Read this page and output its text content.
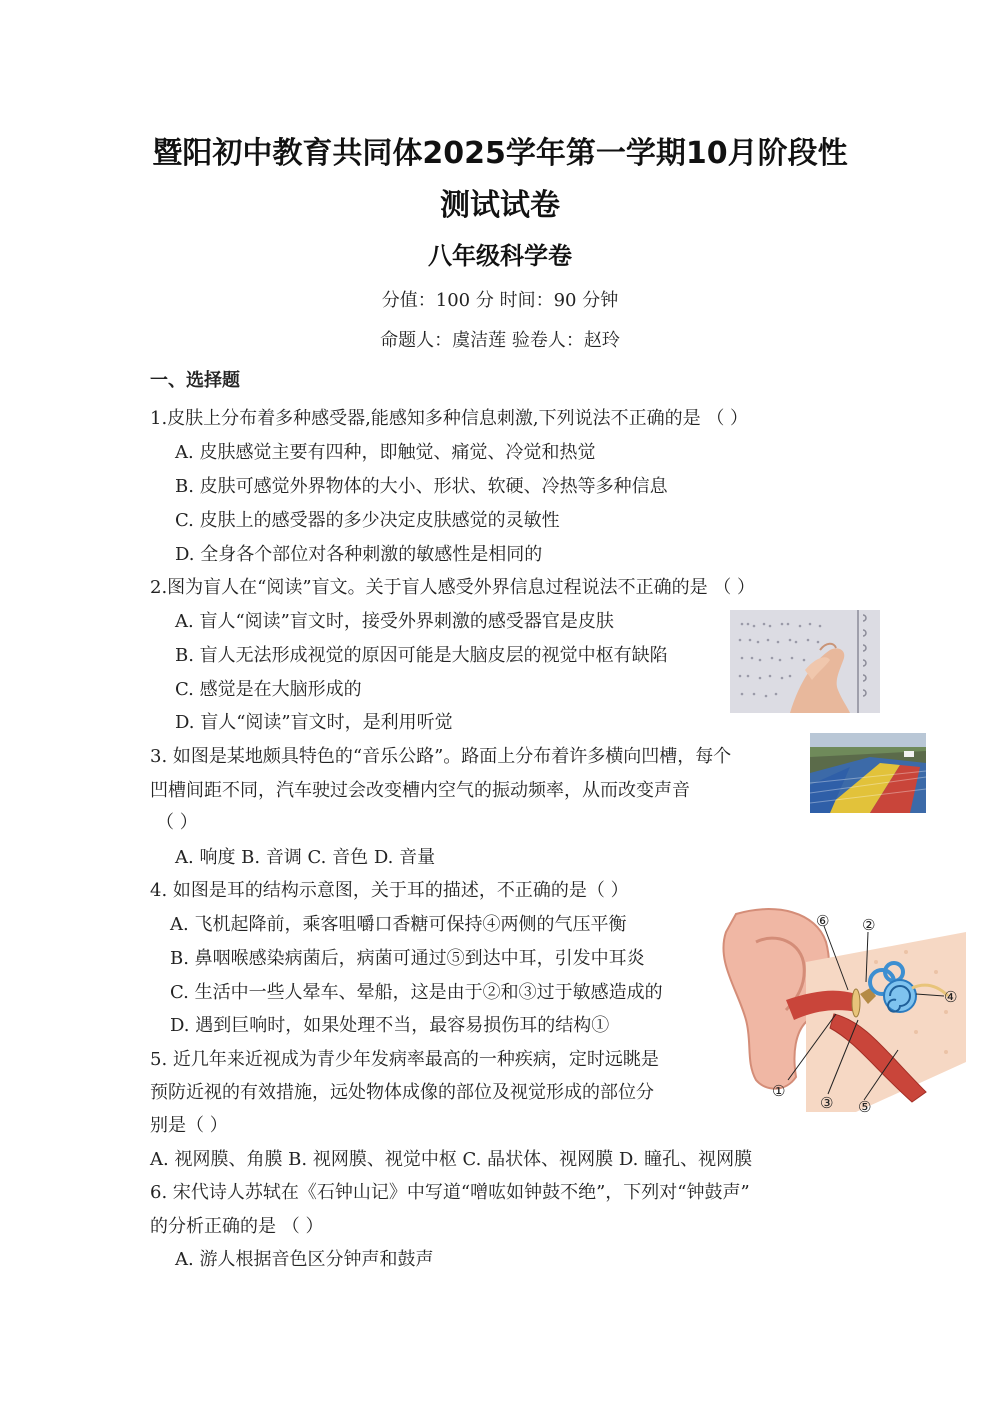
暨阳初中教育共同体2025学年第一学期10月阶段性
测试试卷
八年级科学卷
分值：100 分 时间：90 分钟
命题人：虞洁莲 验卷人：赵玲
一、选择题
1.皮肤上分布着多种感受器,能感知多种信息刺激,下列说法不正确的是 （ ）
A. 皮肤感觉主要有四种，即触觉、痛觉、冷觉和热觉
B. 皮肤可感觉外界物体的大小、形状、软硬、冷热等多种信息
C. 皮肤上的感受器的多少决定皮肤感觉的灵敏性
D. 全身各个部位对各种刺激的敏感性是相同的
2.图为盲人在“阅读”盲文。关于盲人感受外界信息过程说法不正确的是 （ ）
A. 盲人“阅读”盲文时，接受外界刺激的感受器官是皮肤
B. 盲人无法形成视觉的原因可能是大脑皮层的视觉中枢有缺陷
C. 感觉是在大脑形成的
D. 盲人“阅读”盲文时，是利用听觉
3. 如图是某地颇具特色的“音乐公路”。路面上分布着许多横向凹槽，每个
凹槽间距不同，汽车驶过会改变槽内空气的振动频率，从而改变声音
（ ）
A. 响度 B. 音调 C. 音色 D. 音量
4. 如图是耳的结构示意图，关于耳的描述，不正确的是（ ）
A. 飞机起降前，乘客咀嚼口香糖可保持④两侧的气压平衡
B. 鼻咽喉感染病菌后，病菌可通过⑤到达中耳，引发中耳炎
C. 生活中一些人晕车、晕船，这是由于②和③过于敏感造成的
D. 遇到巨响时，如果处理不当，最容易损伤耳的结构①
5. 近几年来近视成为青少年发病率最高的一种疾病，定时远眺是
预防近视的有效措施，远处物体成像的部位及视觉形成的部位分
别是（ ）
A. 视网膜、角膜 B. 视网膜、视觉中枢 C. 晶状体、视网膜 D. 瞳孔、视网膜
6. 宋代诗人苏轼在《石钟山记》中写道“噌吰如钟鼓不绝”，下列对“钟鼓声”
的分析正确的是 （ ）
A. 游人根据音色区分钟声和鼓声
⑥ ②
④
①
③ ⑤
